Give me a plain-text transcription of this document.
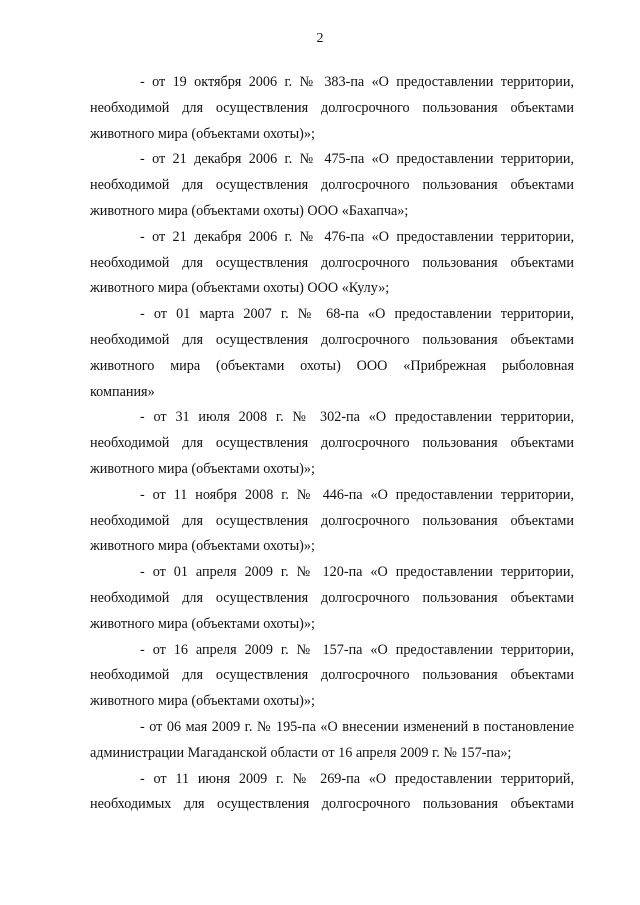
2
- от 19 октября 2006 г. № 383-па «О предоставлении территории,
необходимой для осуществления долгосрочного пользования объектами
животного мира (объектами охоты)»;
- от 21 декабря 2006 г. № 475-па «О предоставлении территории,
необходимой для осуществления долгосрочного пользования объектами
животного мира (объектами охоты) ООО «Бахапча»;
- от 21 декабря 2006 г. № 476-па «О предоставлении территории,
необходимой для осуществления долгосрочного пользования объектами
животного мира (объектами охоты) ООО «Кулу»;
- от 01 марта 2007 г. № 68-па «О предоставлении территории,
необходимой для осуществления долгосрочного пользования объектами
животного мира (объектами охоты) ООО «Прибрежная рыболовная
компания»
- от 31 июля 2008 г. № 302-па «О предоставлении территории,
необходимой для осуществления долгосрочного пользования объектами
животного мира (объектами охоты)»;
- от 11 ноября 2008 г. № 446-па «О предоставлении территории,
необходимой для осуществления долгосрочного пользования объектами
животного мира (объектами охоты)»;
- от 01 апреля 2009 г. № 120-па «О предоставлении территории,
необходимой для осуществления долгосрочного пользования объектами
животного мира (объектами охоты)»;
- от 16 апреля 2009 г. № 157-па «О предоставлении территории,
необходимой для осуществления долгосрочного пользования объектами
животного мира (объектами охоты)»;
- от 06 мая 2009 г. № 195-па «О внесении изменений в постановление
администрации Магаданской области от 16 апреля 2009 г. № 157-па»;
- от 11 июня 2009 г. № 269-па «О предоставлении территорий,
необходимых для осуществления долгосрочного пользования объектами
